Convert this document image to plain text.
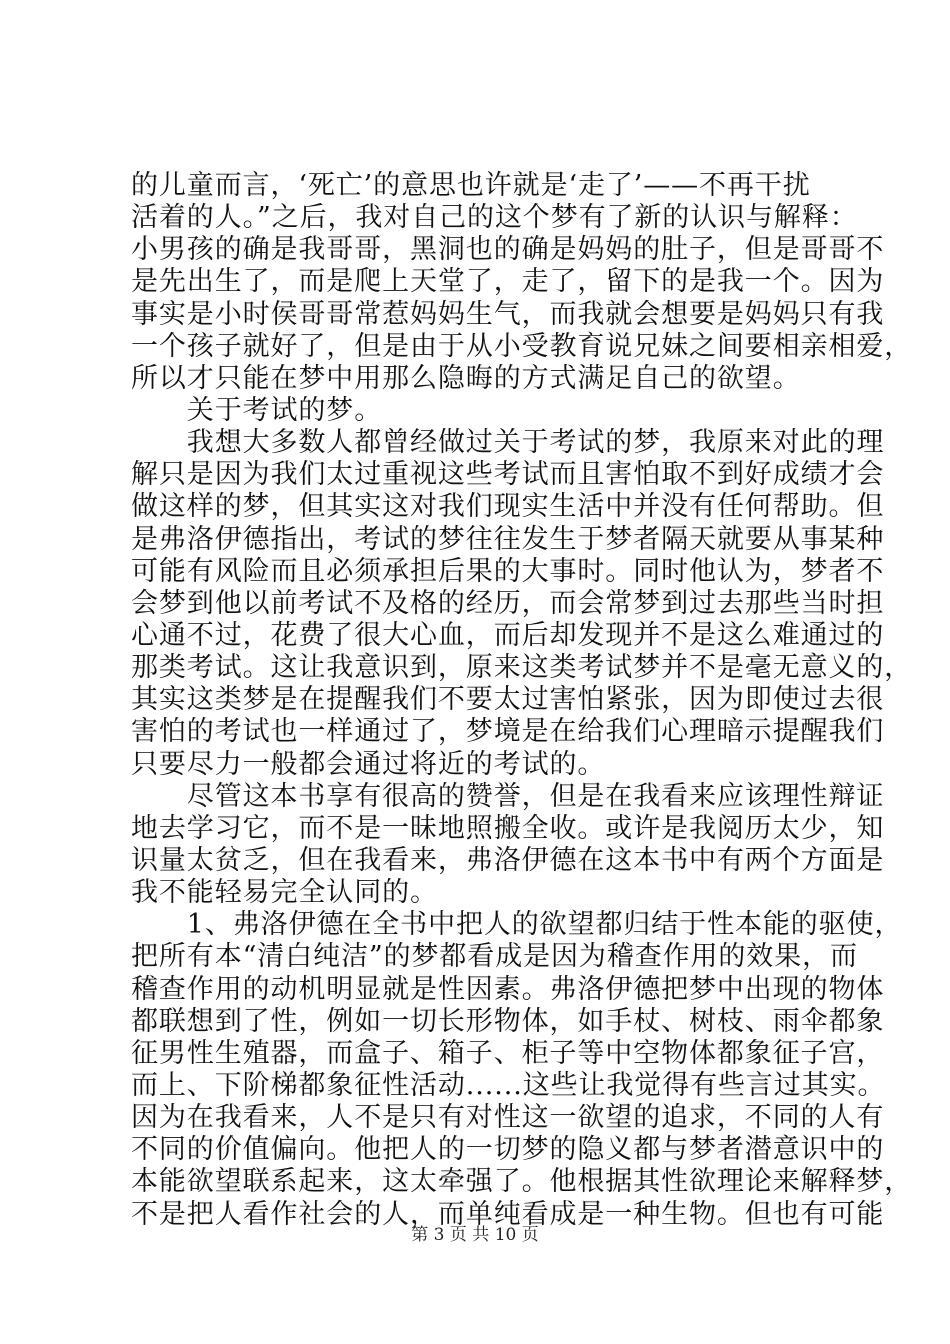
的儿童而言，‘死亡’的意思也许就是‘走了’——不再干扰
活着的人。”之后，我对自己的这个梦有了新的认识与解释：
小男孩的确是我哥哥，黑洞也的确是妈妈的肚子，但是哥哥不
是先出生了，而是爬上天堂了，走了，留下的是我一个。因为
事实是小时侯哥哥常惹妈妈生气，而我就会想要是妈妈只有我
一个孩子就好了，但是由于从小受教育说兄妹之间要相亲相爱，
所以才只能在梦中用那么隐晦的方式满足自己的欲望。
　　关于考试的梦。
　　我想大多数人都曾经做过关于考试的梦，我原来对此的理
解只是因为我们太过重视这些考试而且害怕取不到好成绩才会
做这样的梦，但其实这对我们现实生活中并没有任何帮助。但
是弗洛伊德指出，考试的梦往往发生于梦者隔天就要从事某种
可能有风险而且必须承担后果的大事时。同时他认为，梦者不
会梦到他以前考试不及格的经历，而会常梦到过去那些当时担
心通不过，花费了很大心血，而后却发现并不是这么难通过的
那类考试。这让我意识到，原来这类考试梦并不是毫无意义的，
其实这类梦是在提醒我们不要太过害怕紧张，因为即使过去很
害怕的考试也一样通过了，梦境是在给我们心理暗示提醒我们
只要尽力一般都会通过将近的考试的。
　　尽管这本书享有很高的赞誉，但是在我看来应该理性辩证
地去学习它，而不是一昧地照搬全收。或许是我阅历太少，知
识量太贫乏，但在我看来，弗洛伊德在这本书中有两个方面是
我不能轻易完全认同的。
　　1、弗洛伊德在全书中把人的欲望都归结于性本能的驱使，
把所有本“清白纯洁”的梦都看成是因为稽查作用的效果，而
稽查作用的动机明显就是性因素。弗洛伊德把梦中出现的物体
都联想到了性，例如一切长形物体，如手杖、树枝、雨伞都象
征男性生殖器，而盒子、箱子、柜子等中空物体都象征子宫，
而上、下阶梯都象征性活动......这些让我觉得有些言过其实。
因为在我看来，人不是只有对性这一欲望的追求，不同的人有
不同的价值偏向。他把人的一切梦的隐义都与梦者潜意识中的
本能欲望联系起来，这太牵强了。他根据其性欲理论来解释梦，
不是把人看作社会的人，而单纯看成是一种生物。但也有可能
第 3 页 共 10 页
